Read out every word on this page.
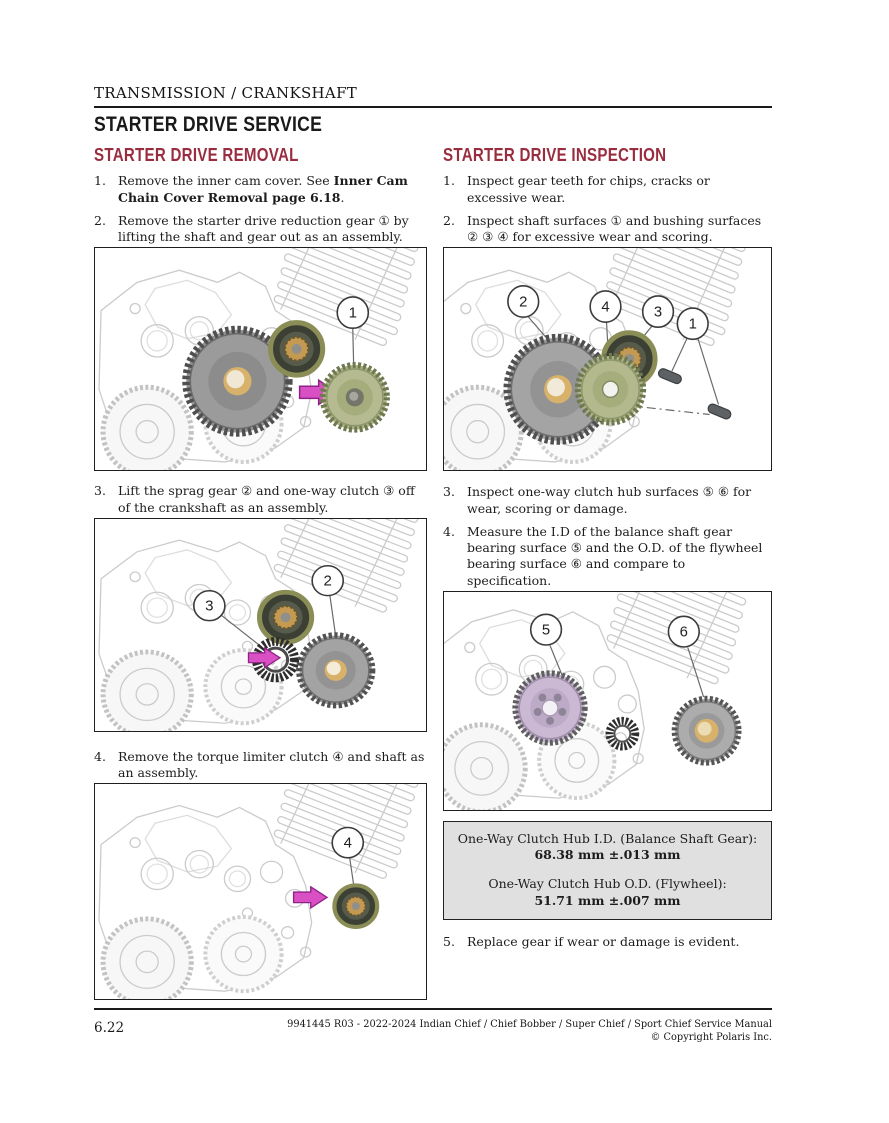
TRANSMISSION / CRANKSHAFT
STARTER DRIVE SERVICE
STARTER DRIVE REMOVAL
1. Remove the inner cam cover. See Inner Cam Chain Cover Removal page 6.18.
2. Remove the starter drive reduction gear ① by lifting the shaft and gear out as an assembly.
1
3. Lift the sprag gear ② and one-way clutch ③ off of the crankshaft as an assembly.
3
2
4. Remove the torque limiter clutch ④ and shaft as an assembly.
4
STARTER DRIVE INSPECTION
1. Inspect gear teeth for chips, cracks or excessive wear.
2. Inspect shaft surfaces ① and bushing surfaces ② ③ ④ for excessive wear and scoring.
2	4	3
1
3. Inspect one-way clutch hub surfaces ⑤ ⑥ for wear, scoring or damage.
4. Measure the I.D of the balance shaft gear bearing surface ⑤ and the O.D. of the flywheel bearing surface ⑥ and compare to specification.
5	6
One-Way Clutch Hub I.D. (Balance Shaft Gear):
68.38 mm ±.013 mm
One-Way Clutch Hub O.D. (Flywheel):
51.71 mm ±.007 mm
5. Replace gear if wear or damage is evident.
6.22	9941445 R03 - 2022-2024 Indian Chief / Chief Bobber / Super Chief / Sport Chief Service Manual
© Copyright Polaris Inc.
